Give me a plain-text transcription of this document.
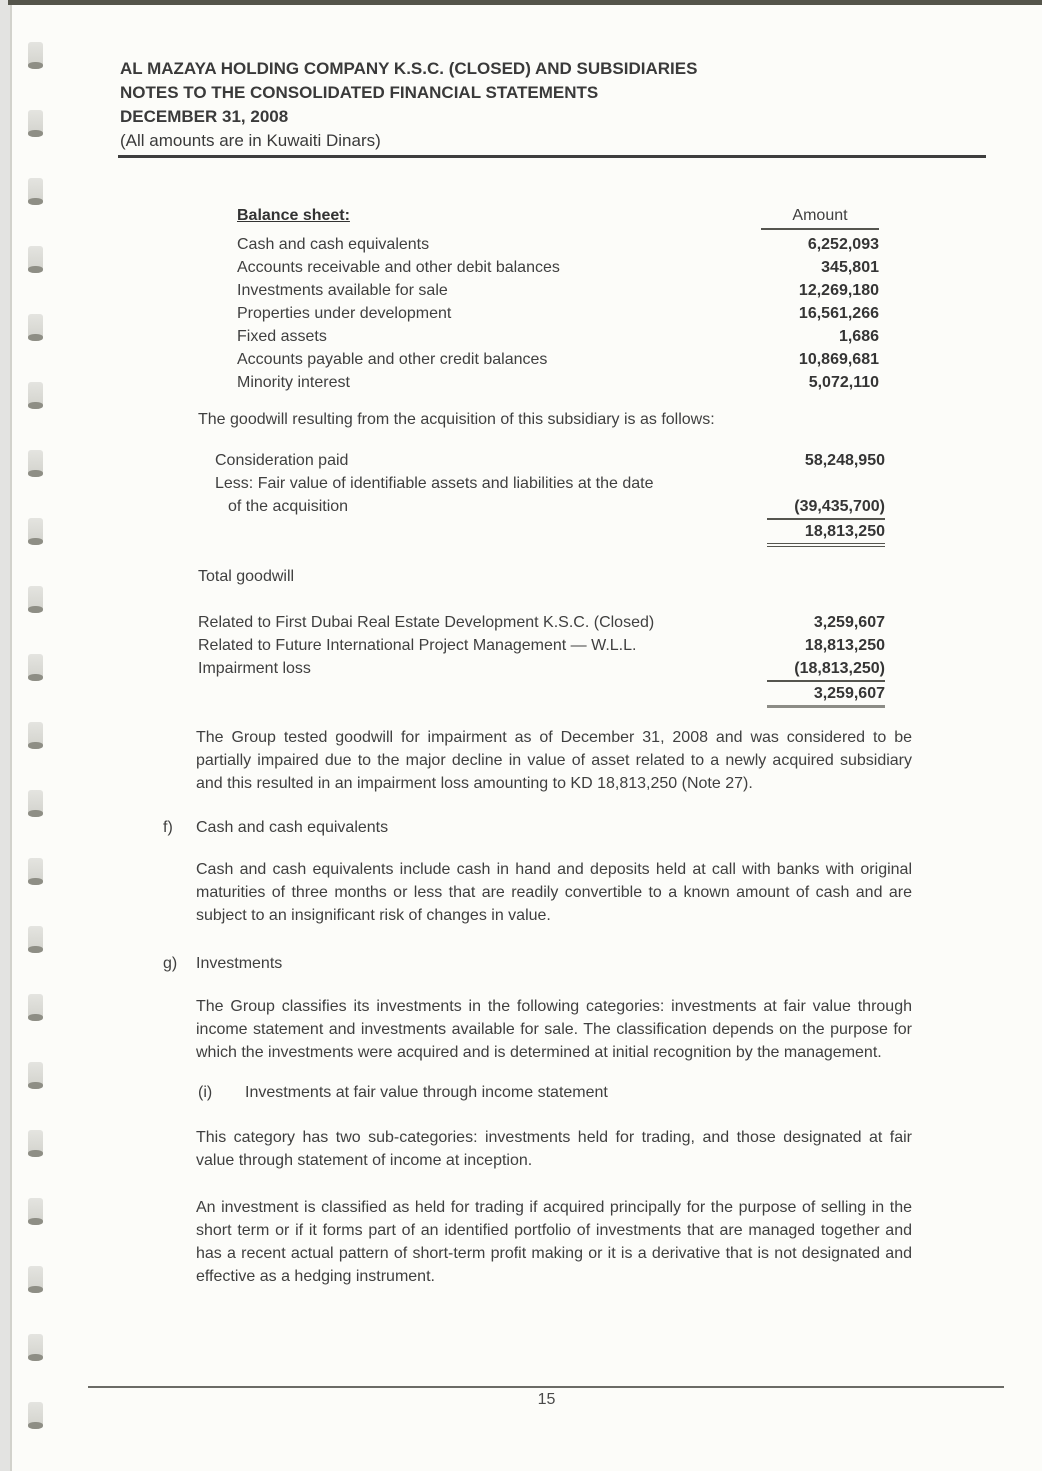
AL MAZAYA HOLDING COMPANY K.S.C. (CLOSED) AND SUBSIDIARIES
NOTES TO THE CONSOLIDATED FINANCIAL STATEMENTS
DECEMBER 31, 2008
(All amounts are in Kuwaiti Dinars)
Balance sheet:	Amount
Cash and cash equivalents	6,252,093
Accounts receivable and other debit balances	345,801
Investments available for sale	12,269,180
Properties under development	16,561,266
Fixed assets	1,686
Accounts payable and other credit balances	10,869,681
Minority interest	5,072,110
The goodwill resulting from the acquisition of this subsidiary is as follows:
Consideration paid	58,248,950
Less: Fair value of identifiable assets and liabilities at the date
of the acquisition	(39,435,700)
18,813,250
Total goodwill
Related to First Dubai Real Estate Development K.S.C. (Closed)	3,259,607
Related to Future International Project Management — W.L.L.	18,813,250
Impairment loss	(18,813,250)
3,259,607
The Group tested goodwill for impairment as of December 31, 2008 and was considered to be partially impaired due to the major decline in value of asset related to a newly acquired subsidiary and this resulted in an impairment loss amounting to KD 18,813,250 (Note 27).
f)	Cash and cash equivalents
Cash and cash equivalents include cash in hand and deposits held at call with banks with original maturities of three months or less that are readily convertible to a known amount of cash and are subject to an insignificant risk of changes in value.
g)	Investments
The Group classifies its investments in the following categories: investments at fair value through income statement and investments available for sale. The classification depends on the purpose for which the investments were acquired and is determined at initial recognition by the management.
(i)	Investments at fair value through income statement
This category has two sub-categories: investments held for trading, and those designated at fair value through statement of income at inception.
An investment is classified as held for trading if acquired principally for the purpose of selling in the short term or if it forms part of an identified portfolio of investments that are managed together and has a recent actual pattern of short-term profit making or it is a derivative that is not designated and effective as a hedging instrument.
15
